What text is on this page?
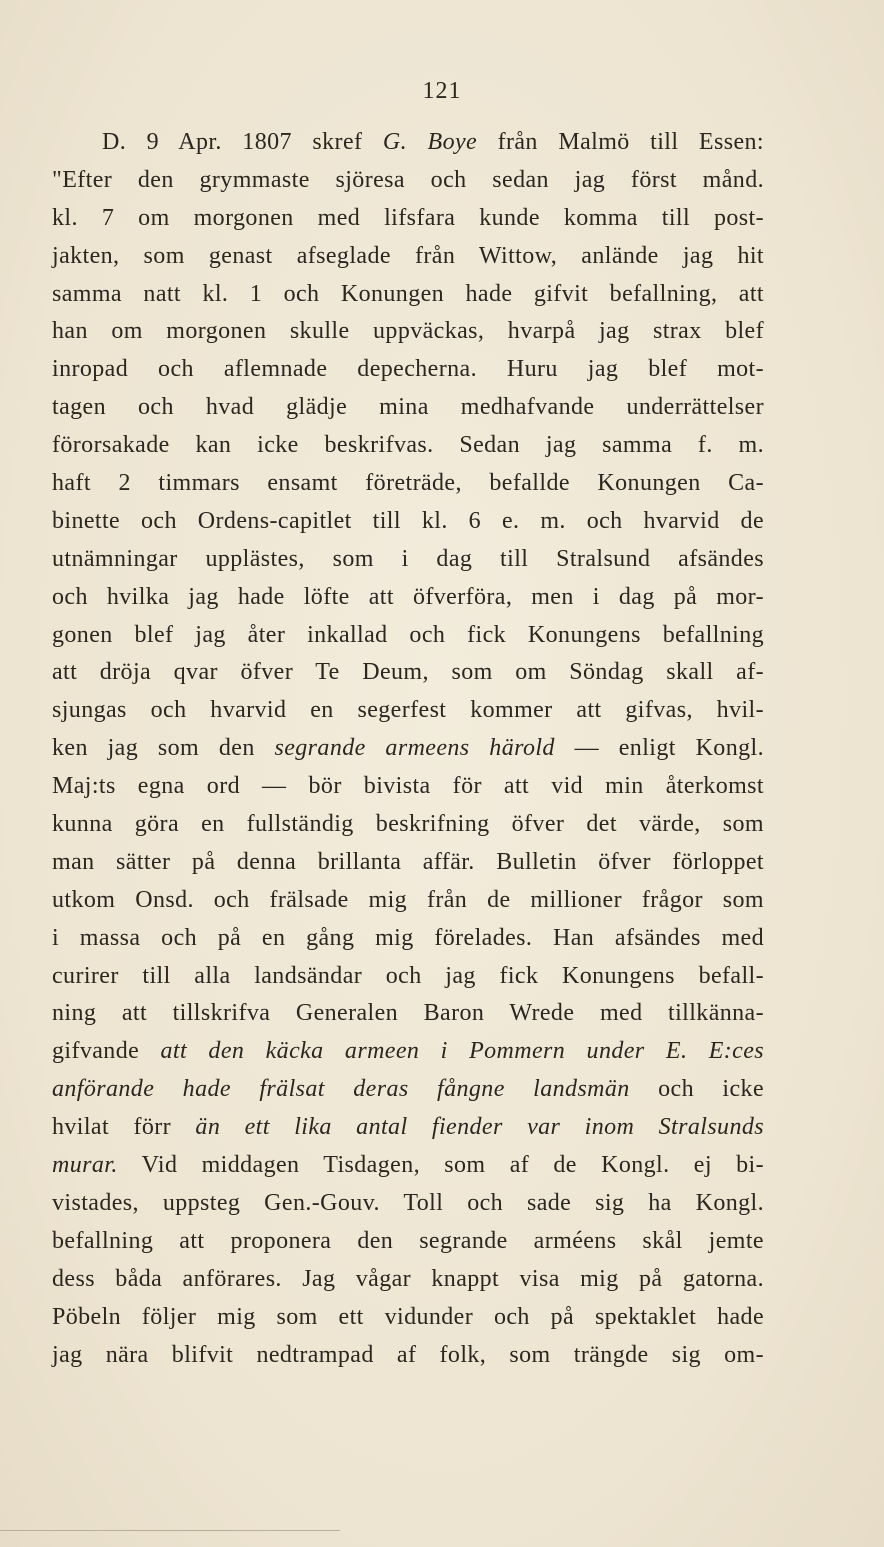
121
D. 9 Apr. 1807 skref G. Boye från Malmö till Essen:
"Efter den grymmaste sjöresa och sedan jag först månd.
kl. 7 om morgonen med lifsfara kunde komma till post-
jakten, som genast afseglade från Wittow, anlände jag hit
samma natt kl. 1 och Konungen hade gifvit befallning, att
han om morgonen skulle uppväckas, hvarpå jag strax blef
inropad och aflemnade depecherna. Huru jag blef mot-
tagen och hvad glädje mina medhafvande underrättelser
förorsakade kan icke beskrifvas. Sedan jag samma f. m.
haft 2 timmars ensamt företräde, befallde Konungen Ca-
binette och Ordens-capitlet till kl. 6 e. m. och hvarvid de
utnämningar upplästes, som i dag till Stralsund afsändes
och hvilka jag hade löfte att öfverföra, men i dag på mor-
gonen blef jag åter inkallad och fick Konungens befallning
att dröja qvar öfver Te Deum, som om Söndag skall af-
sjungas och hvarvid en segerfest kommer att gifvas, hvil-
ken jag som den segrande armeens härold — enligt Kongl.
Maj:ts egna ord — bör bivista för att vid min återkomst
kunna göra en fullständig beskrifning öfver det värde, som
man sätter på denna brillanta affär. Bulletin öfver förloppet
utkom Onsd. och frälsade mig från de millioner frågor som
i massa och på en gång mig förelades. Han afsändes med
curirer till alla landsändar och jag fick Konungens befall-
ning att tillskrifva Generalen Baron Wrede med tillkänna-
gifvande att den käcka armeen i Pommern under E. E:ces
anförande hade frälsat deras fångne landsmän och icke
hvilat förr än ett lika antal fiender var inom Stralsunds
murar. Vid middagen Tisdagen, som af de Kongl. ej bi-
vistades, uppsteg Gen.-Gouv. Toll och sade sig ha Kongl.
befallning att proponera den segrande arméens skål jemte
dess båda anförares. Jag vågar knappt visa mig på gatorna.
Pöbeln följer mig som ett vidunder och på spektaklet hade
jag nära blifvit nedtrampad af folk, som trängde sig om-
